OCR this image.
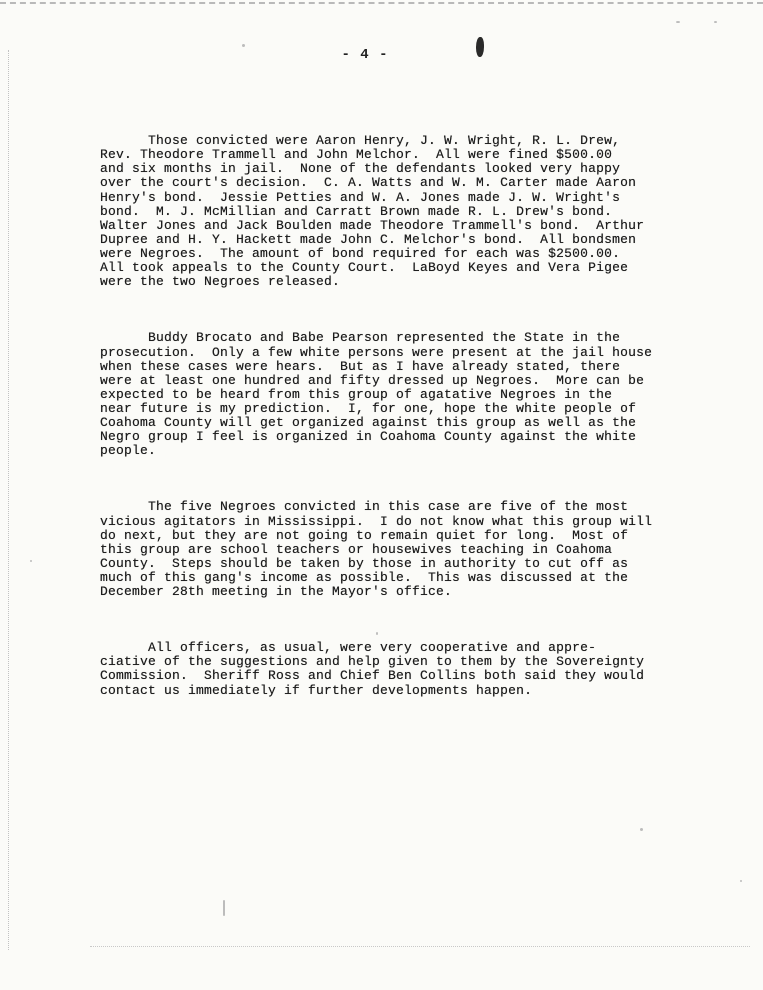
- 4 -

Those convicted were Aaron Henry, J. W. Wright, R. L. Drew,
Rev. Theodore Trammell and John Melchor.  All were fined $500.00
and six months in jail.  None of the defendants looked very happy
over the court's decision.  C. A. Watts and W. M. Carter made Aaron
Henry's bond.  Jessie Petties and W. A. Jones made J. W. Wright's
bond.  M. J. McMillian and Carratt Brown made R. L. Drew's bond.
Walter Jones and Jack Boulden made Theodore Trammell's bond.  Arthur
Dupree and H. Y. Hackett made John C. Melchor's bond.  All bondsmen
were Negroes.  The amount of bond required for each was $2500.00.
All took appeals to the County Court.  LaBoyd Keyes and Vera Pigee
were the two Negroes released.

Buddy Brocato and Babe Pearson represented the State in the
prosecution.  Only a few white persons were present at the jail house
when these cases were hears.  But as I have already stated, there
were at least one hundred and fifty dressed up Negroes.  More can be
expected to be heard from this group of agatative Negroes in the
near future is my prediction.  I, for one, hope the white people of
Coahoma County will get organized against this group as well as the
Negro group I feel is organized in Coahoma County against the white
people.

The five Negroes convicted in this case are five of the most
vicious agitators in Mississippi.  I do not know what this group will
do next, but they are not going to remain quiet for long.  Most of
this group are school teachers or housewives teaching in Coahoma
County.  Steps should be taken by those in authority to cut off as
much of this gang's income as possible.  This was discussed at the
December 28th meeting in the Mayor's office.

All officers, as usual, were very cooperative and appre-
ciative of the suggestions and help given to them by the Sovereignty
Commission.  Sheriff Ross and Chief Ben Collins both said they would
contact us immediately if further developments happen.
